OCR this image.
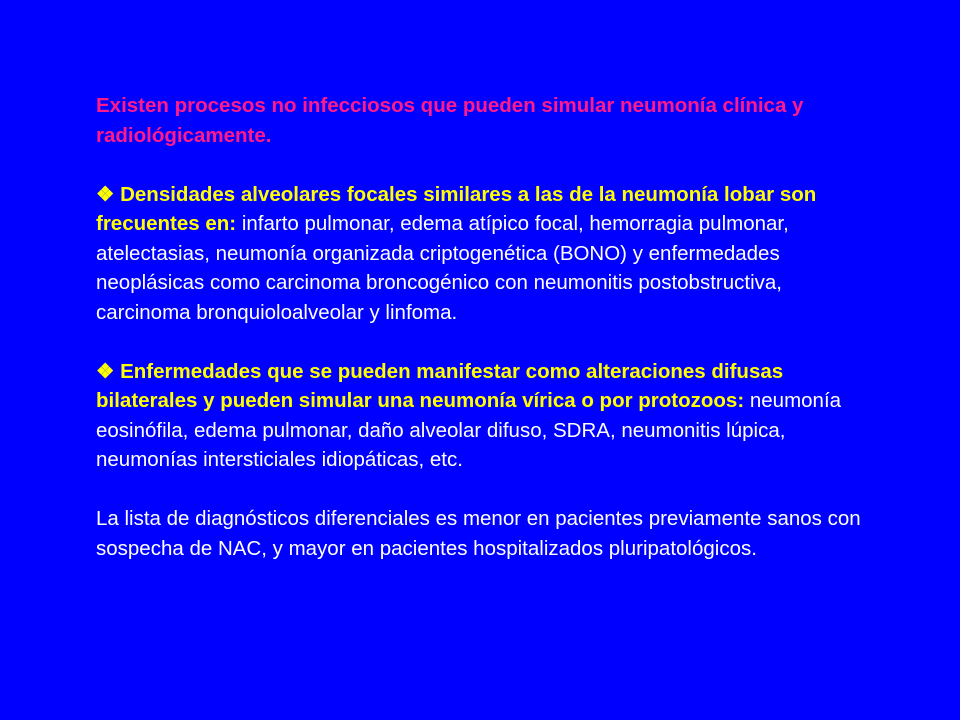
Existen procesos no infecciosos que pueden simular neumonía clínica y radiológicamente.

❖ Densidades alveolares focales similares a las de la neumonía lobar son frecuentes en: infarto pulmonar, edema atípico focal, hemorragia pulmonar, atelectasias, neumonía organizada criptogenética (BONO) y enfermedades neoplásicas como carcinoma broncogénico con neumonitis postobstructiva, carcinoma bronquioloalveolar y linfoma.

❖ Enfermedades que se pueden manifestar como alteraciones difusas bilaterales y pueden simular una neumonía vírica o por protozoos: neumonía eosinófila, edema pulmonar, daño alveolar difuso, SDRA, neumonitis lúpica, neumonías intersticiales idiopáticas, etc.

La lista de diagnósticos diferenciales es menor en pacientes previamente sanos con sospecha de NAC, y mayor en pacientes hospitalizados pluripatológicos.
